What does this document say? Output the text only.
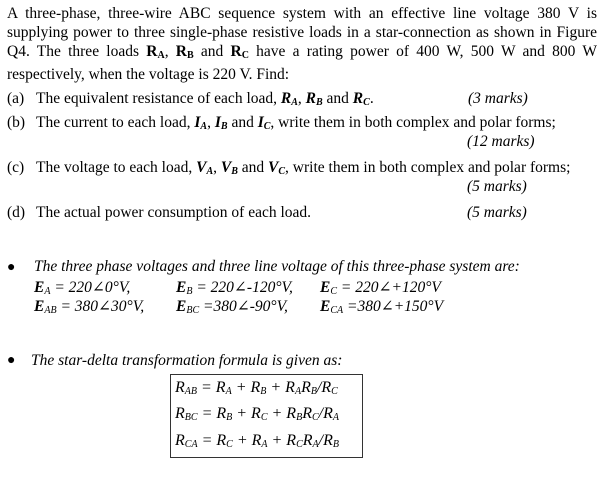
A three-phase, three-wire ABC sequence system with an effective line voltage 380 V is

supplying power to three single-phase resistive loads in a star-connection as shown in Figure

Q4. The three loads $R_A$, $R_B$ and $R_C$ have a rating power of 400 W, 500 W and 800 W

respectively, when the voltage is 220 V. Find:

(a) The equivalent resistance of each load, $R_A$, $R_B$ and $R_C$.	(3 marks)
(b) The current to each load, $I_A$, $I_B$ and $I_C$, write them in both complex and polar forms;
(12 marks)
(c) The voltage to each load, $V_A$, $V_B$ and $V_C$, write them in both complex and polar forms;
(5 marks)
(d) The actual power consumption of each load.	(5 marks)
● The three phase voltages and three line voltage of this three-phase system are:
$E_A$ = 220∠0°V,	$E_B$ = 220∠-120°V, $E_C$ = 220∠+120°V
$E_{AB}$ = 380∠30°V, $E_{BC}$ =380∠-90°V, $E_{CA}$ =380∠+150°V
● The star-delta transformation formula is given as:
$R_{AB} = R_A + R_B + R_AR_B/R_C$
$R_{BC} = R_B + R_C + R_BR_C/R_A$
$R_{CA} = R_C + R_A + R_CR_A/R_B$
